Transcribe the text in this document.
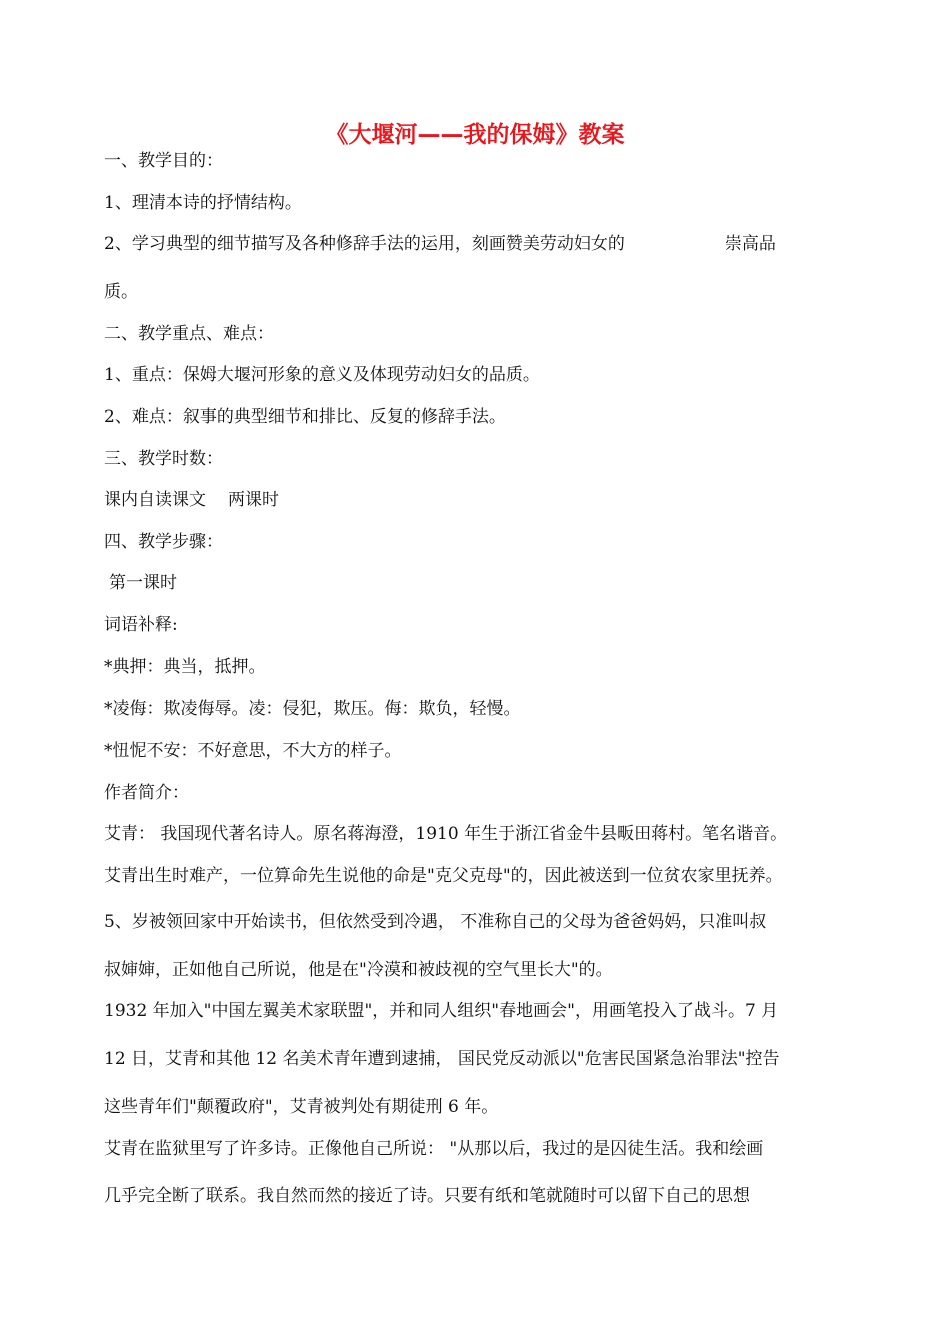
《大堰河——我的保姆》教案
一、教学目的：
1、理清本诗的抒情结构。
2、学习典型的细节描写及各种修辞手法的运用，刻画赞美劳动妇女的	崇高品
质。
二、教学重点、难点：
1、重点：保姆大堰河形象的意义及体现劳动妇女的品质。
2、难点：叙事的典型细节和排比、反复的修辞手法。
三、教学时数：
课内自读课文 两课时
四、教学步骤：
第一课时
词语补释:
*典押：典当，抵押。
*凌侮：欺凌侮辱。凌：侵犯，欺压。侮：欺负，轻慢。
*忸怩不安：不好意思，不大方的样子。
作者简介：
艾青： 我国现代著名诗人。原名蒋海澄，1910 年生于浙江省金牛县畈田蒋村。笔名谐音。
艾青出生时难产，一位算命先生说他的命是"克父克母"的，因此被送到一位贫农家里抚养。
5、岁被领回家中开始读书，但依然受到冷遇， 不准称自己的父母为爸爸妈妈，只准叫叔
叔婶婶，正如他自己所说，他是在"冷漠和被歧视的空气里长大"的。
1932 年加入"中国左翼美术家联盟"，并和同人组织"春地画会"，用画笔投入了战斗。7 月
12 日，艾青和其他 12 名美术青年遭到逮捕， 国民党反动派以"危害民国紧急治罪法"控告
这些青年们"颠覆政府"，艾青被判处有期徒刑 6 年。
艾青在监狱里写了许多诗。正像他自己所说： "从那以后，我过的是囚徒生活。我和绘画
几乎完全断了联系。我自然而然的接近了诗。只要有纸和笔就随时可以留下自己的思想
